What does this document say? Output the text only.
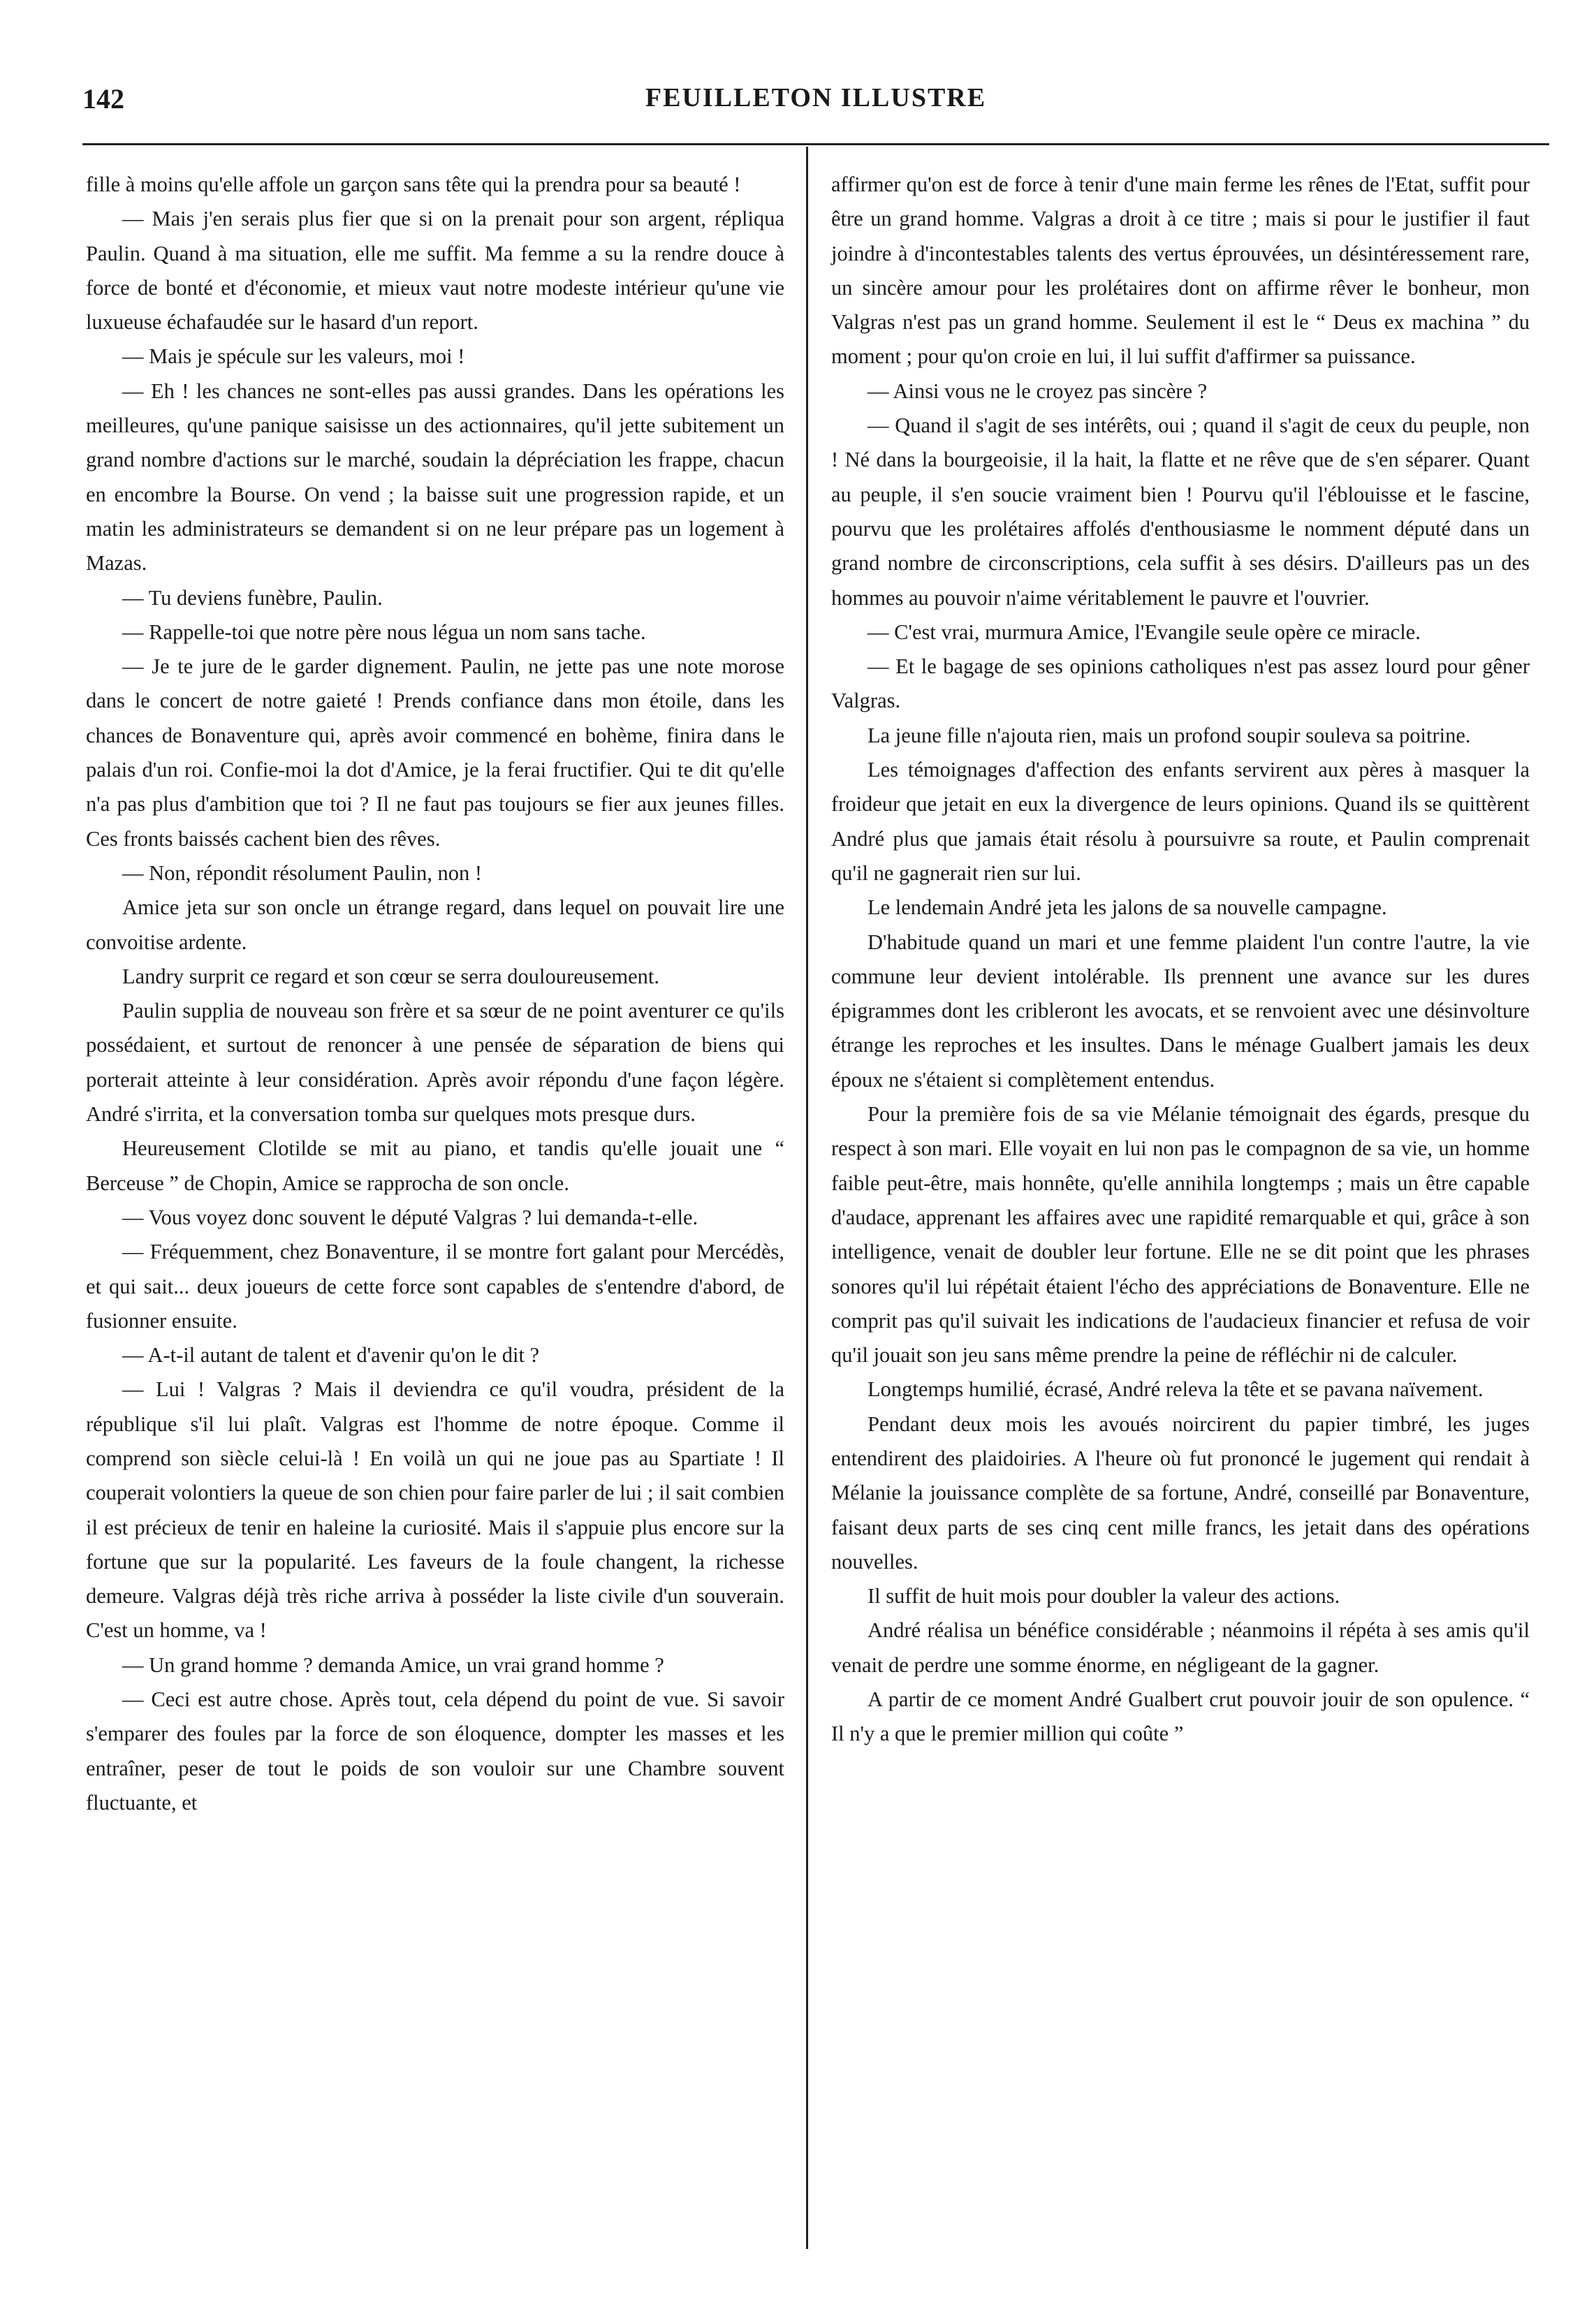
142	FEUILLETON ILLUSTRE

fille à moins qu'elle affole un garçon sans tête qui la prendra pour sa beauté !

— Mais j'en serais plus fier que si on la prenait pour son argent, répliqua Paulin. Quand à ma situation, elle me suffit. Ma femme a su la rendre douce à force de bonté et d'économie, et mieux vaut notre modeste intérieur qu'une vie luxueuse échafaudée sur le hasard d'un report.

— Mais je spécule sur les valeurs, moi !

— Eh ! les chances ne sont-elles pas aussi grandes. Dans les opérations les meilleures, qu'une panique saisisse un des actionnaires, qu'il jette subitement un grand nombre d'actions sur le marché, soudain la dépréciation les frappe, chacun en encombre la Bourse. On vend ; la baisse suit une progression rapide, et un matin les administrateurs se demandent si on ne leur prépare pas un logement à Mazas.

— Tu deviens funèbre, Paulin.

— Rappelle-toi que notre père nous légua un nom sans tache.

— Je te jure de le garder dignement. Paulin, ne jette pas une note morose dans le concert de notre gaieté ! Prends confiance dans mon étoile, dans les chances de Bonaventure qui, après avoir commencé en bohème, finira dans le palais d'un roi. Confie-moi la dot d'Amice, je la ferai fructifier. Qui te dit qu'elle n'a pas plus d'ambition que toi ? Il ne faut pas toujours se fier aux jeunes filles. Ces fronts baissés cachent bien des rêves.

— Non, répondit résolument Paulin, non !

Amice jeta sur son oncle un étrange regard, dans lequel on pouvait lire une convoitise ardente.

Landry surprit ce regard et son cœur se serra douloureusement.

Paulin supplia de nouveau son frère et sa sœur de ne point aventurer ce qu'ils possédaient, et surtout de renoncer à une pensée de séparation de biens qui porterait atteinte à leur considération. Après avoir répondu d'une façon légère. André s'irrita, et la conversation tomba sur quelques mots presque durs.

Heureusement Clotilde se mit au piano, et tandis qu'elle jouait une “ Berceuse ” de Chopin, Amice se rapprocha de son oncle.

— Vous voyez donc souvent le député Valgras ? lui demanda-t-elle.

— Fréquemment, chez Bonaventure, il se montre fort galant pour Mercédès, et qui sait... deux joueurs de cette force sont capables de s'entendre d'abord, de fusionner ensuite.

— A-t-il autant de talent et d'avenir qu'on le dit ?

— Lui ! Valgras ? Mais il deviendra ce qu'il voudra, président de la république s'il lui plaît. Valgras est l'homme de notre époque. Comme il comprend son siècle celui-là ! En voilà un qui ne joue pas au Spartiate ! Il couperait volontiers la queue de son chien pour faire parler de lui ; il sait combien il est précieux de tenir en haleine la curiosité. Mais il s'appuie plus encore sur la fortune que sur la popularité. Les faveurs de la foule changent, la richesse demeure. Valgras déjà très riche arriva à posséder la liste civile d'un souverain. C'est un homme, va !

— Un grand homme ? demanda Amice, un vrai grand homme ?

— Ceci est autre chose. Après tout, cela dépend du point de vue. Si savoir s'emparer des foules par la force de son éloquence, dompter les masses et les entraîner, peser de tout le poids de son vouloir sur une Chambre souvent fluctuante, et

affirmer qu'on est de force à tenir d'une main ferme les rênes de l'Etat, suffit pour être un grand homme. Valgras a droit à ce titre ; mais si pour le justifier il faut joindre à d'incontestables talents des vertus éprouvées, un désintéressement rare, un sincère amour pour les prolétaires dont on affirme rêver le bonheur, mon Valgras n'est pas un grand homme. Seulement il est le “ Deus ex machina ” du moment ; pour qu'on croie en lui, il lui suffit d'affirmer sa puissance.

— Ainsi vous ne le croyez pas sincère ?

— Quand il s'agit de ses intérêts, oui ; quand il s'agit de ceux du peuple, non ! Né dans la bourgeoisie, il la hait, la flatte et ne rêve que de s'en séparer. Quant au peuple, il s'en soucie vraiment bien ! Pourvu qu'il l'éblouisse et le fascine, pourvu que les prolétaires affolés d'enthousiasme le nomment député dans un grand nombre de circonscriptions, cela suffit à ses désirs. D'ailleurs pas un des hommes au pouvoir n'aime véritablement le pauvre et l'ouvrier.

— C'est vrai, murmura Amice, l'Evangile seule opère ce miracle.

— Et le bagage de ses opinions catholiques n'est pas assez lourd pour gêner Valgras.

La jeune fille n'ajouta rien, mais un profond soupir souleva sa poitrine.

Les témoignages d'affection des enfants servirent aux pères à masquer la froideur que jetait en eux la divergence de leurs opinions. Quand ils se quittèrent André plus que jamais était résolu à poursuivre sa route, et Paulin comprenait qu'il ne gagnerait rien sur lui.

Le lendemain André jeta les jalons de sa nouvelle campagne.

D'habitude quand un mari et une femme plaident l'un contre l'autre, la vie commune leur devient intolérable. Ils prennent une avance sur les dures épigrammes dont les cribleront les avocats, et se renvoient avec une désinvolture étrange les reproches et les insultes. Dans le ménage Gualbert jamais les deux époux ne s'étaient si complètement entendus.

Pour la première fois de sa vie Mélanie témoignait des égards, presque du respect à son mari. Elle voyait en lui non pas le compagnon de sa vie, un homme faible peut-être, mais honnête, qu'elle annihila longtemps ; mais un être capable d'audace, apprenant les affaires avec une rapidité remarquable et qui, grâce à son intelligence, venait de doubler leur fortune. Elle ne se dit point que les phrases sonores qu'il lui répétait étaient l'écho des appréciations de Bonaventure. Elle ne comprit pas qu'il suivait les indications de l'audacieux financier et refusa de voir qu'il jouait son jeu sans même prendre la peine de réfléchir ni de calculer.

Longtemps humilié, écrasé, André releva la tête et se pavana naïvement.

Pendant deux mois les avoués noircirent du papier timbré, les juges entendirent des plaidoiries. A l'heure où fut prononcé le jugement qui rendait à Mélanie la jouissance complète de sa fortune, André, conseillé par Bonaventure, faisant deux parts de ses cinq cent mille francs, les jetait dans des opérations nouvelles.

Il suffit de huit mois pour doubler la valeur des actions.

André réalisa un bénéfice considérable ; néanmoins il répéta à ses amis qu'il venait de perdre une somme énorme, en négligeant de la gagner.

A partir de ce moment André Gualbert crut pouvoir jouir de son opulence. “ Il n'y a que le premier million qui coûte ”
